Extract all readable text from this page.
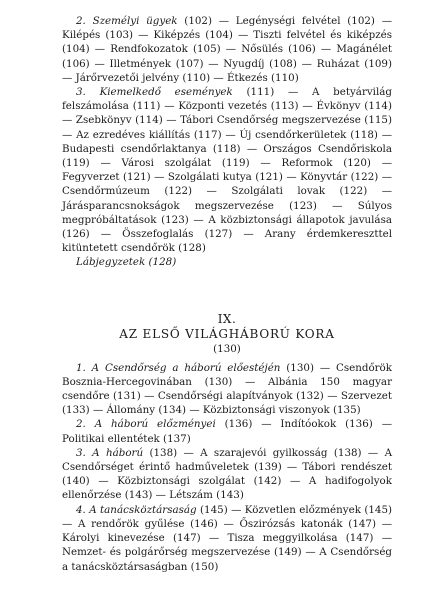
2. Személyi ügyek (102) — Legénységi felvétel (102) — Kilépés (103) — Kiképzés (104) — Tiszti felvétel és kiképzés (104) — Rendfokozatok (105) — Nősülés (106) — Magánélet (106) — Illetmények (107) — Nyugdíj (108) — Ruházat (109) — Járőrvezetői jelvény (110) — Étkezés (110)

3. Kiemelkedő események (111) — A betyárvilág felszámolása (111) — Központi vezetés (113) — Évkönyv (114) — Zsebkönyv (114) — Tábori Csendőrség megszervezése (115) — Az ezredéves kiállítás (117) — Új csendőrkerületek (118) — Budapesti csendőrlaktanya (118) — Országos Csendőriskola (119) — Városi szolgálat (119) — Reformok (120) — Fegyverzet (121) — Szolgálati kutya (121) — Könyvtár (122) — Csendőrmúzeum (122) — Szolgálati lovak (122) — Járásparancsnokságok megszervezése (123) — Súlyos megpróbáltatások (123) — A közbiztonsági állapotok javulása (126) — Összefoglalás (127) — Arany érdemkereszttel kitüntetett csendőrök (128)

Lábjegyzetek (128)

IX.
AZ ELSŐ VILÁGHÁBORÚ KORA
(130)

1. A Csendőrség a háború előestéjén (130) — Csendőrök Bosznia-Hercegovinában (130) — Albánia 150 magyar csendőre (131) — Csendőrségi alapítványok (132) — Szervezet (133) — Állomány (134) — Közbiztonsági viszonyok (135)

2. A háború előzményei (136) — Indítóokok (136) — Politikai ellentétek (137)

3. A háború (138) — A szarajevói gyilkosság (138) — A Csendőrséget érintő hadműveletek (139) — Tábori rendészet (140) — Közbiztonsági szolgálat (142) — A hadifogolyok ellenőrzése (143) — Létszám (143)

4. A tanácsköztársaság (145) — Közvetlen előzmények (145) — A rendőrök gyűlése (146) — Őszirózsás katonák (147) — Károlyi kinevezése (147) — Tisza meggyilkolása (147) — Nemzet- és polgárőrség megszervezése (149) — A Csendőrség a tanácsköztársaságban (150)
